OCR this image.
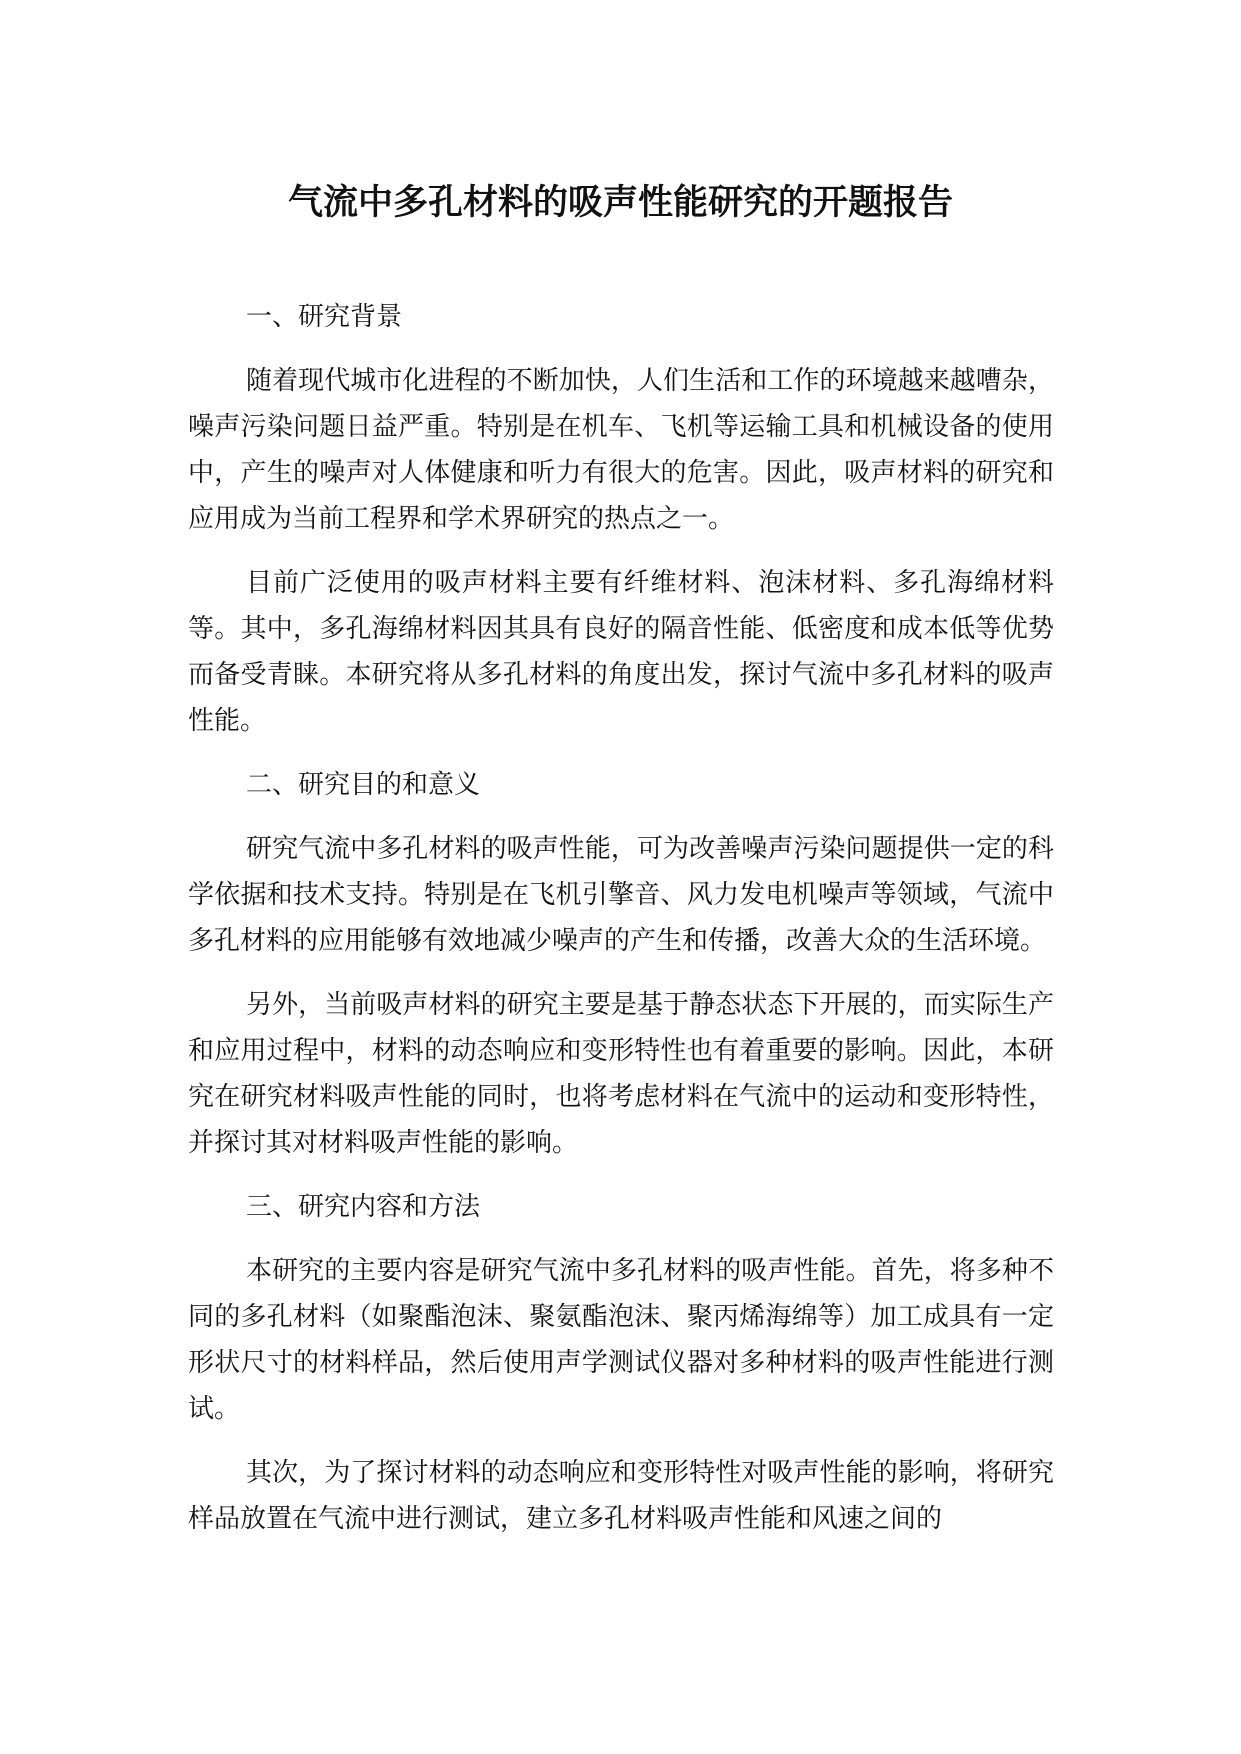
气流中多孔材料的吸声性能研究的开题报告
一、研究背景

随着现代城市化进程的不断加快，人们生活和工作的环境越来越嘈杂，噪声污染问题日益严重。特别是在机车、飞机等运输工具和机械设备的使用中，产生的噪声对人体健康和听力有很大的危害。因此，吸声材料的研究和应用成为当前工程界和学术界研究的热点之一。

目前广泛使用的吸声材料主要有纤维材料、泡沫材料、多孔海绵材料等。其中，多孔海绵材料因其具有良好的隔音性能、低密度和成本低等优势而备受青睐。本研究将从多孔材料的角度出发，探讨气流中多孔材料的吸声性能。

二、研究目的和意义

研究气流中多孔材料的吸声性能，可为改善噪声污染问题提供一定的科学依据和技术支持。特别是在飞机引擎音、风力发电机噪声等领域，气流中多孔材料的应用能够有效地减少噪声的产生和传播，改善大众的生活环境。

另外，当前吸声材料的研究主要是基于静态状态下开展的，而实际生产和应用过程中，材料的动态响应和变形特性也有着重要的影响。因此，本研究在研究材料吸声性能的同时，也将考虑材料在气流中的运动和变形特性，并探讨其对材料吸声性能的影响。

三、研究内容和方法

本研究的主要内容是研究气流中多孔材料的吸声性能。首先，将多种不同的多孔材料（如聚酯泡沫、聚氨酯泡沫、聚丙烯海绵等）加工成具有一定形状尺寸的材料样品，然后使用声学测试仪器对多种材料的吸声性能进行测试。

其次，为了探讨材料的动态响应和变形特性对吸声性能的影响，将研究样品放置在气流中进行测试，建立多孔材料吸声性能和风速之间的
